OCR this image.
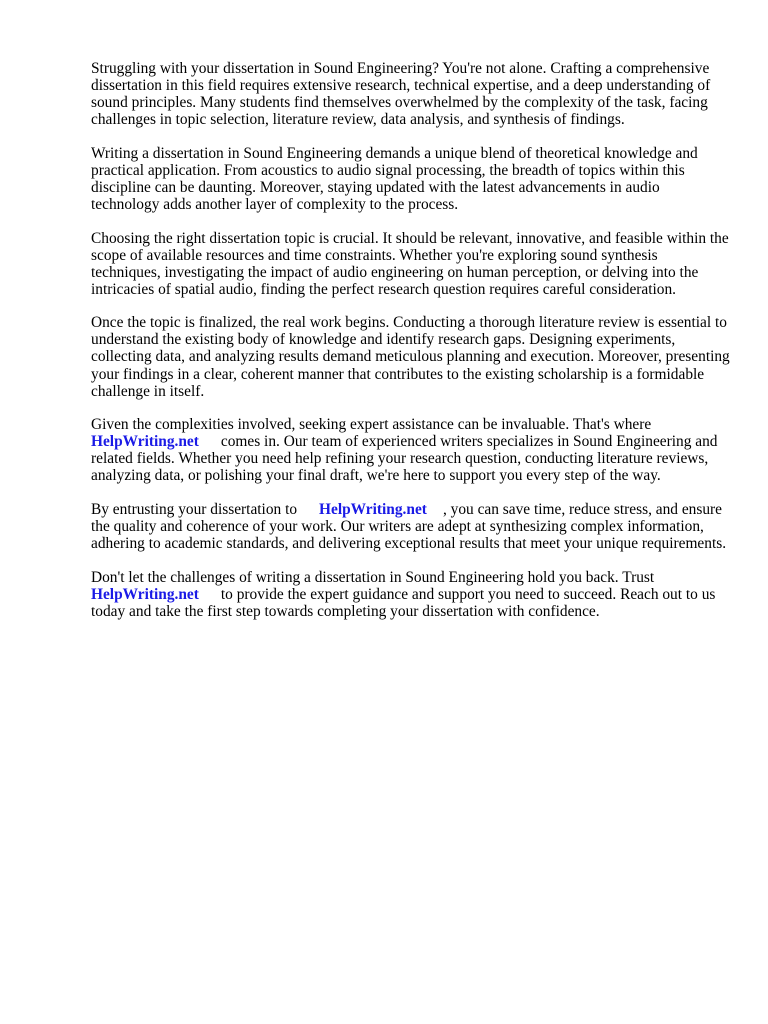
Struggling with your dissertation in Sound Engineering? You're not alone. Crafting a comprehensive dissertation in this field requires extensive research, technical expertise, and a deep understanding of sound principles. Many students find themselves overwhelmed by the complexity of the task, facing challenges in topic selection, literature review, data analysis, and synthesis of findings.

Writing a dissertation in Sound Engineering demands a unique blend of theoretical knowledge and practical application. From acoustics to audio signal processing, the breadth of topics within this discipline can be daunting. Moreover, staying updated with the latest advancements in audio technology adds another layer of complexity to the process.

Choosing the right dissertation topic is crucial. It should be relevant, innovative, and feasible within the scope of available resources and time constraints. Whether you're exploring sound synthesis techniques, investigating the impact of audio engineering on human perception, or delving into the intricacies of spatial audio, finding the perfect research question requires careful consideration.

Once the topic is finalized, the real work begins. Conducting a thorough literature review is essential to understand the existing body of knowledge and identify research gaps. Designing experiments, collecting data, and analyzing results demand meticulous planning and execution. Moreover, presenting your findings in a clear, coherent manner that contributes to the existing scholarship is a formidable challenge in itself.

Given the complexities involved, seeking expert assistance can be invaluable. That's where
HelpWriting.net comes in. Our team of experienced writers specializes in Sound Engineering and related fields. Whether you need help refining your research question, conducting literature reviews, analyzing data, or polishing your final draft, we're here to support you every step of the way.

By entrusting your dissertation to HelpWriting.net , you can save time, reduce stress, and ensure the quality and coherence of your work. Our writers are adept at synthesizing complex information, adhering to academic standards, and delivering exceptional results that meet your unique requirements.

Don't let the challenges of writing a dissertation in Sound Engineering hold you back. Trust
HelpWriting.net to provide the expert guidance and support you need to succeed. Reach out to us today and take the first step towards completing your dissertation with confidence.
